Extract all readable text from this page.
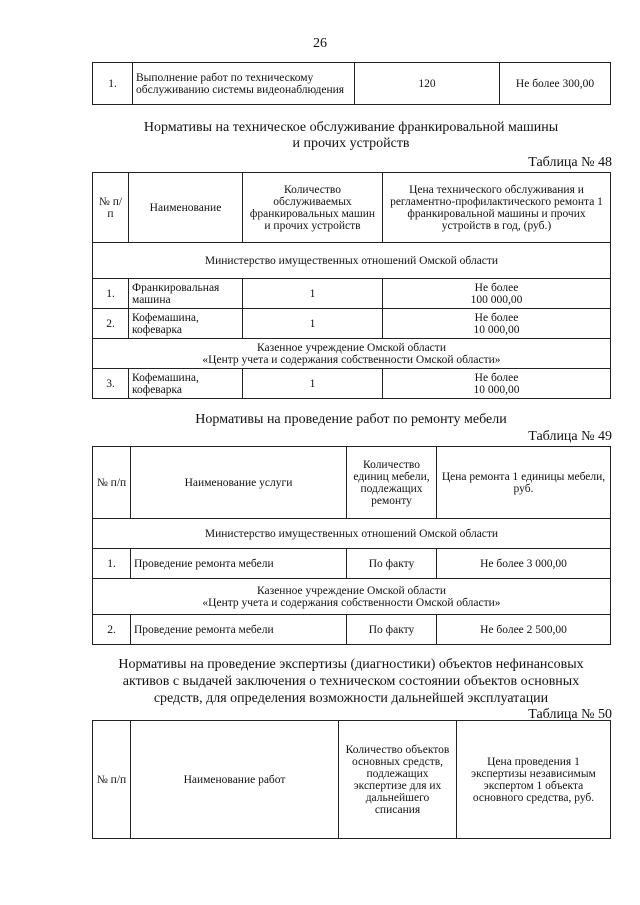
26
1.	Выполнение работ по техническому обслуживанию системы видеонаблюдения	120	Не более 300,00
Нормативы на техническое обслуживание франкировальной машины
и прочих устройств
Таблица № 48
№ п/п	Наименование	Количество обслуживаемых франкировальных машин и прочих устройств	Цена технического обслуживания и регламентно-профилактического ремонта 1 франкировальной машины и прочих устройств в год, (руб.)
Министерство имущественных отношений Омской области			
1.	Франкировальная машина	1	Не более
100 000,00

2.	Кофемашина, кофеварка	1	Не более
10 000,00

Казенное учреждение Омской области
«Центр учета и содержания собственности Омской области»			

3.	Кофемашина, кофеварка	1	Не более
10 000,00
Нормативы на проведение работ по ремонту мебели
Таблица № 49
№ п/п	Наименование услуги	Количество единиц мебели, подлежащих ремонту	Цена ремонта 1 единицы мебели, руб.
Министерство имущественных отношений Омской области			
1.	Проведение ремонта мебели	По факту	Не более 3 000,00

Казенное учреждение Омской области
«Центр учета и содержания собственности Омской области»			

2.	Проведение ремонта мебели	По факту	Не более 2 500,00
Нормативы на проведение экспертизы (диагностики) объектов нефинансовых
активов с выдачей заключения о техническом состоянии объектов основных
средств, для определения возможности дальнейшей эксплуатации
Таблица № 50
№ п/п	Наименование работ	Количество объектов основных средств, подлежащих экспертизе для их дальнейшего списания	Цена проведения 1 экспертизы независимым экспертом 1 объекта основного средства, руб.
